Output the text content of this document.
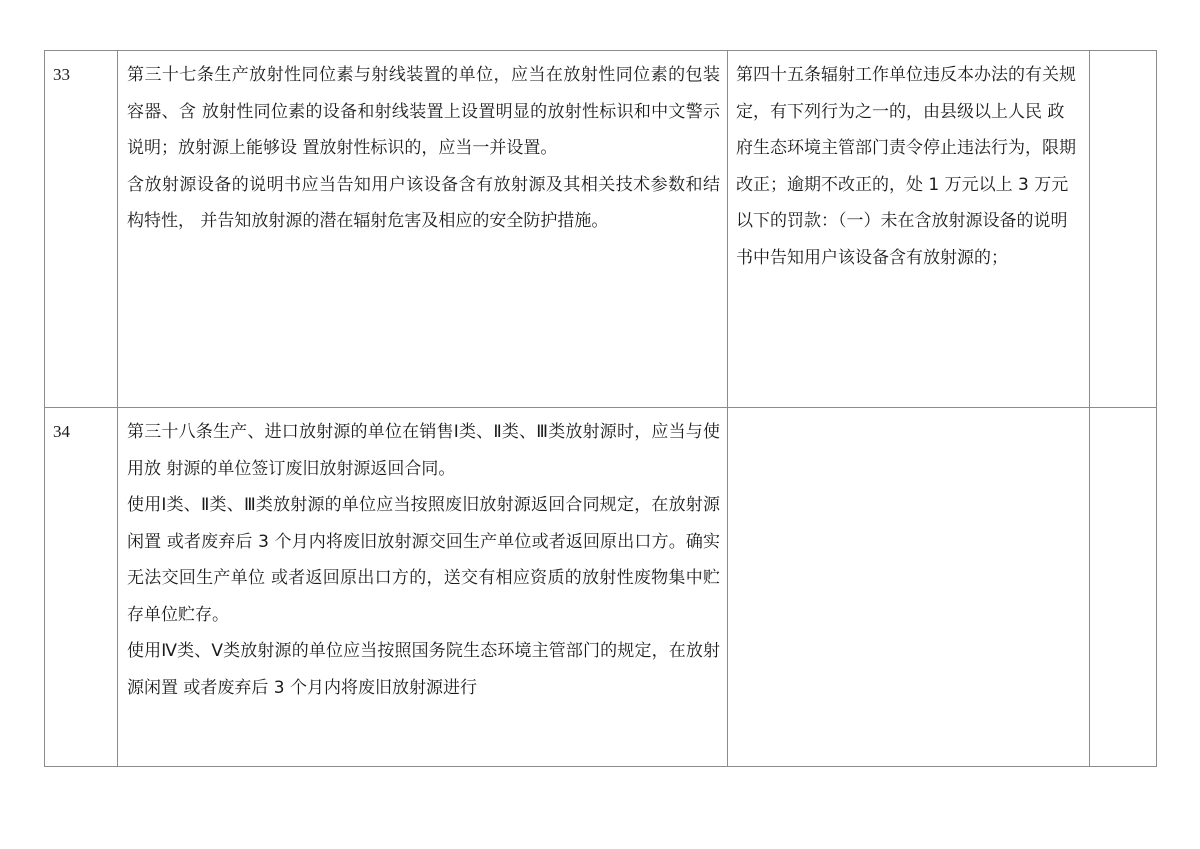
33	第三十七条生产放射性同位素与射线装置的单位，应当在放射性同位素的包装容器、含 放射性同位素的设备和射线装置上设置明显的放射性标识和中文警示说明；放射源上能够设 置放射性标识的，应当一并设置。

含放射源设备的说明书应当告知用户该设备含有放射源及其相关技术参数和结构特性， 并告知放射源的潜在辐射危害及相应的安全防护措施。	第四十五条辐射工作单位违反本办法的有关规定，有下列行为之一的，由县级以上人民 政府生态环境主管部门责令停止违法行为，限期改正；逾期不改正的，处 1 万元以上 3 万元以下的罚款：（一）未在含放射源设备的说明书中告知用户该设备含有放射源的；	

34	第三十八条生产、进口放射源的单位在销售Ⅰ类、Ⅱ类、Ⅲ类放射源时，应当与使用放 射源的单位签订废旧放射源返回合同。

使用Ⅰ类、Ⅱ类、Ⅲ类放射源的单位应当按照废旧放射源返回合同规定，在放射源闲置 或者废弃后 3 个月内将废旧放射源交回生产单位或者返回原出口方。确实无法交回生产单位 或者返回原出口方的，送交有相应资质的放射性废物集中贮存单位贮存。

使用Ⅳ类、Ⅴ类放射源的单位应当按照国务院生态环境主管部门的规定，在放射源闲置 或者废弃后 3 个月内将废旧放射源进行		
